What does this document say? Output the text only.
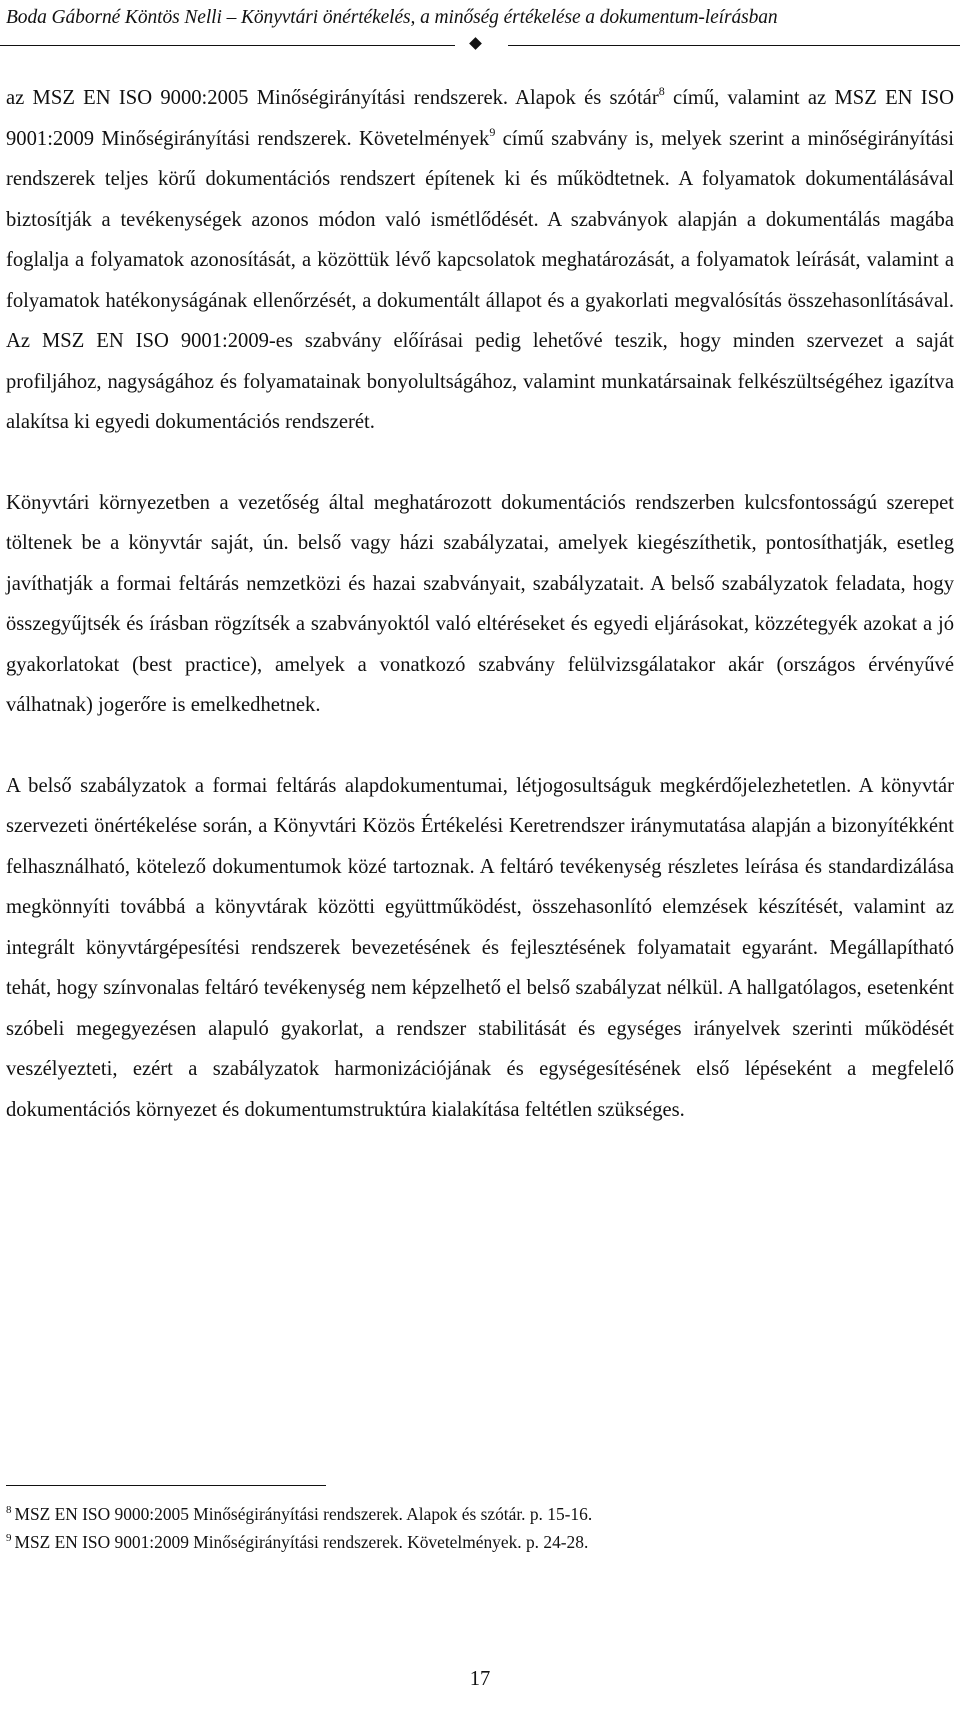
Boda Gáborné Köntös Nelli – Könyvtári önértékelés, a minőség értékelése a dokumentum-leírásban

az MSZ EN ISO 9000:2005 Minőségirányítási rendszerek. Alapok és szótár$^8$ című, valamint az MSZ EN ISO 9001:2009 Minőségirányítási rendszerek. Követelmények$^9$ című szabvány is, melyek szerint a minőségirányítási rendszerek teljes körű dokumentációs rendszert építenek ki és működtetnek. A folyamatok dokumentálásával biztosítják a tevékenységek azonos módon való ismétlődését. A szabványok alapján a dokumentálás magába foglalja a folyamatok azonosítását, a közöttük lévő kapcsolatok meghatározását, a folyamatok leírását, valamint a folyamatok hatékonyságának ellenőrzését, a dokumentált állapot és a gyakorlati megvalósítás összehasonlításával. Az MSZ EN ISO 9001:2009-es szabvány előírásai pedig lehetővé teszik, hogy minden szervezet a saját profiljához, nagyságához és folyamatainak bonyolultságához, valamint munkatársainak felkészültségéhez igazítva alakítsa ki egyedi dokumentációs rendszerét.

Könyvtári környezetben a vezetőség által meghatározott dokumentációs rendszerben kulcsfontosságú szerepet töltenek be a könyvtár saját, ún. belső vagy házi szabályzatai, amelyek kiegészíthetik, pontosíthatják, esetleg javíthatják a formai feltárás nemzetközi és hazai szabványait, szabályzatait. A belső szabályzatok feladata, hogy összegyűjtsék és írásban rögzítsék a szabványoktól való eltéréseket és egyedi eljárásokat, közzétegyék azokat a jó gyakorlatokat (best practice), amelyek a vonatkozó szabvány felülvizsgálatakor akár (országos érvényűvé válhatnak) jogerőre is emelkedhetnek.

A belső szabályzatok a formai feltárás alapdokumentumai, létjogosultságuk megkérdőjelezhetetlen. A könyvtár szervezeti önértékelése során, a Könyvtári Közös Értékelési Keretrendszer iránymutatása alapján a bizonyítékként felhasználható, kötelező dokumentumok közé tartoznak. A feltáró tevékenység részletes leírása és standardizálása megkönnyíti továbbá a könyvtárak közötti együttműködést, összehasonlító elemzések készítését, valamint az integrált könyvtárgépesítési rendszerek bevezetésének és fejlesztésének folyamatait egyaránt. Megállapítható tehát, hogy színvonalas feltáró tevékenység nem képzelhető el belső szabályzat nélkül. A hallgatólagos, esetenként szóbeli megegyezésen alapuló gyakorlat, a rendszer stabilitását és egységes irányelvek szerinti működését veszélyezteti, ezért a szabályzatok harmonizációjának és egységesítésének első lépéseként a megfelelő dokumentációs környezet és dokumentumstruktúra kialakítása feltétlen szükséges.

$^8$ MSZ EN ISO 9000:2005 Minőségirányítási rendszerek. Alapok és szótár. p. 15-16.
$^9$ MSZ EN ISO 9001:2009 Minőségirányítási rendszerek. Követelmények. p. 24-28.
17
